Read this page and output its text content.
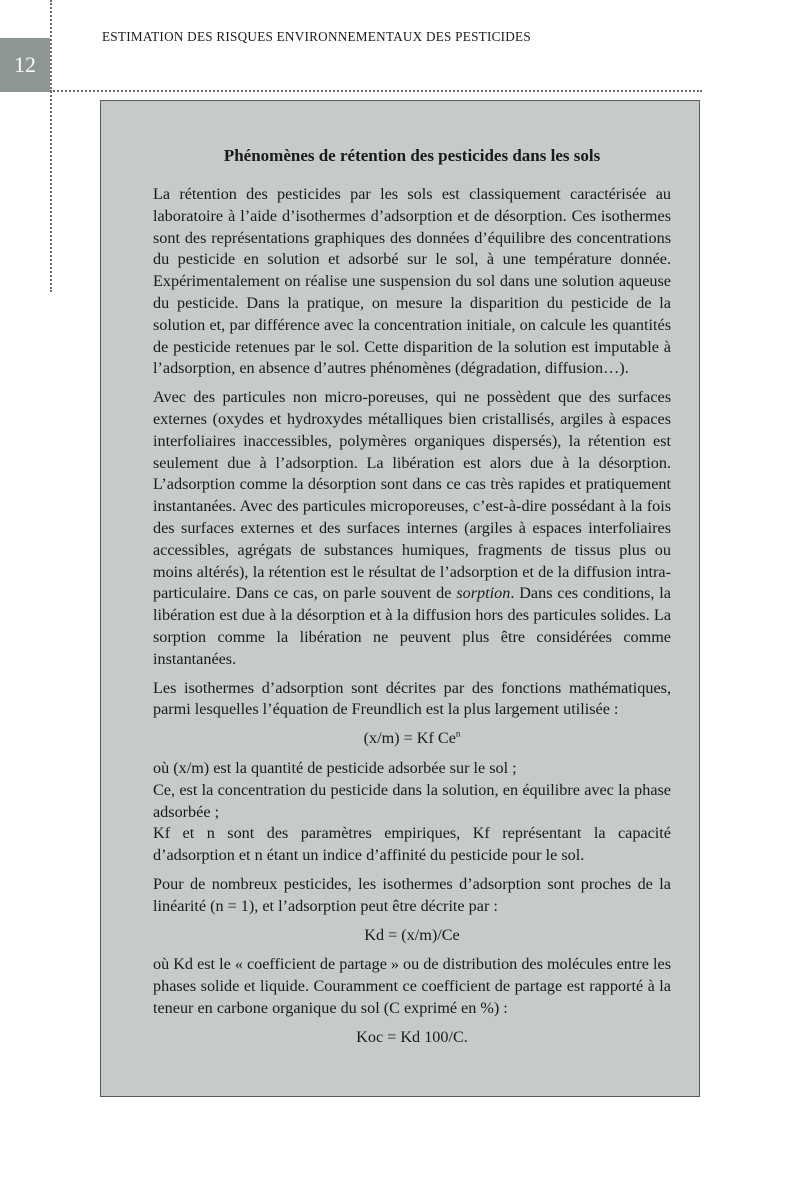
12
ESTIMATION DES RISQUES ENVIRONNEMENTAUX DES PESTICIDES
Phénomènes de rétention des pesticides dans les sols

La rétention des pesticides par les sols est classiquement caractérisée au laboratoire à l’aide d’isothermes d’adsorption et de désorption. Ces isothermes sont des représentations graphiques des données d’équilibre des concentrations du pesticide en solution et adsorbé sur le sol, à une température donnée. Expérimentalement on réalise une suspension du sol dans une solution aqueuse du pesticide. Dans la pratique, on mesure la disparition du pesticide de la solution et, par différence avec la concentration initiale, on calcule les quantités de pesticide retenues par le sol. Cette disparition de la solution est imputable à l’adsorption, en absence d’autres phénomènes (dégradation, diffusion…).

Avec des particules non micro-poreuses, qui ne possèdent que des surfaces externes (oxydes et hydroxydes métalliques bien cristallisés, argiles à espaces interfoliaires inaccessibles, polymères organiques dispersés), la rétention est seulement due à l’adsorption. La libération est alors due à la désorption. L’adsorption comme la désorption sont dans ce cas très rapides et pratiquement instantanées. Avec des particules microporeuses, c’est-à-dire possédant à la fois des surfaces externes et des surfaces internes (argiles à espaces interfoliaires accessibles, agrégats de substances humiques, fragments de tissus plus ou moins altérés), la rétention est le résultat de l’adsorption et de la diffusion intra-particulaire. Dans ce cas, on parle souvent de sorption. Dans ces conditions, la libération est due à la désorption et à la diffusion hors des particules solides. La sorption comme la libération ne peuvent plus être considérées comme instantanées.

Les isothermes d’adsorption sont décrites par des fonctions mathématiques, parmi lesquelles l’équation de Freundlich est la plus largement utilisée :

(x/m) = Kf Ce$^n$

où (x/m) est la quantité de pesticide adsorbée sur le sol ;

Ce, est la concentration du pesticide dans la solution, en équilibre avec la phase adsorbée ;

Kf et n sont des paramètres empiriques, Kf représentant la capacité d’adsorption et n étant un indice d’affinité du pesticide pour le sol.

Pour de nombreux pesticides, les isothermes d’adsorption sont proches de la linéarité (n = 1), et l’adsorption peut être décrite par :

Kd = (x/m)/Ce

où Kd est le « coefficient de partage » ou de distribution des molécules entre les phases solide et liquide. Couramment ce coefficient de partage est rapporté à la teneur en carbone organique du sol (C exprimé en %) :

Koc = Kd 100/C.
